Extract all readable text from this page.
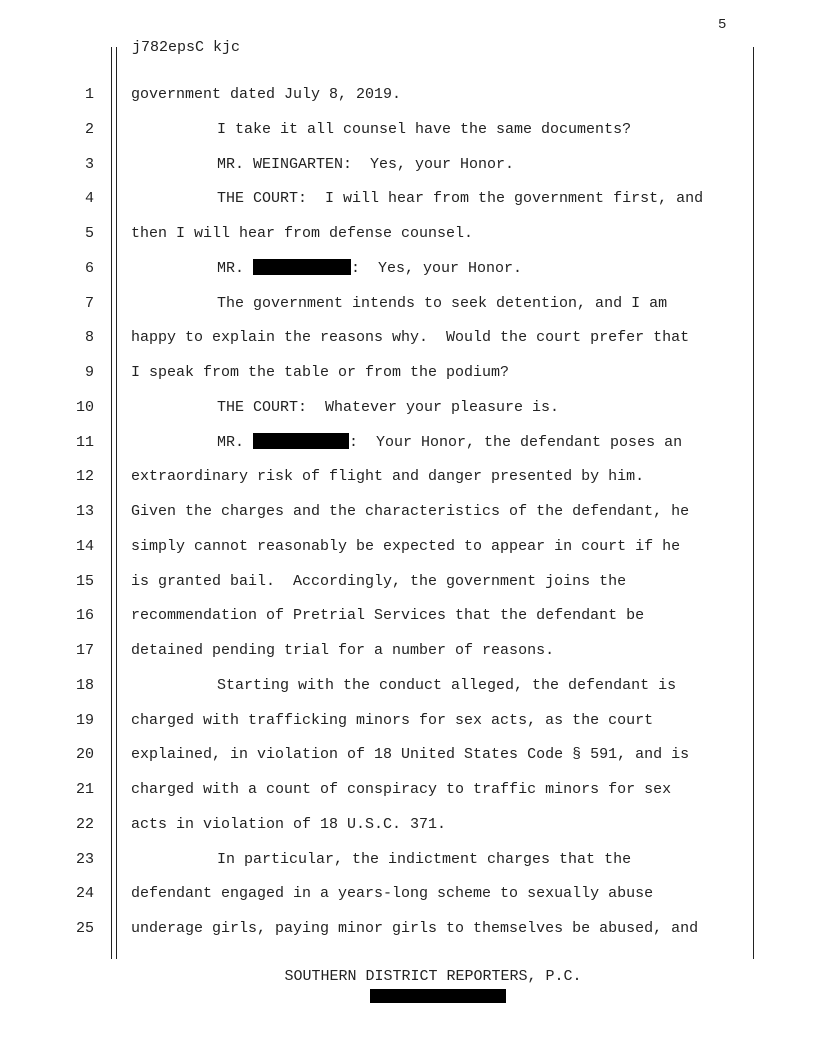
5
j782epsC kjc
1 government dated July 8, 2019.
2	I take it all counsel have the same documents?
3	MR. WEINGARTEN:  Yes, your Honor.
4	THE COURT:  I will hear from the government first, and
5 then I will hear from defense counsel.
6	MR.	:  Yes, your Honor.
7	The government intends to seek detention, and I am
8 happy to explain the reasons why.  Would the court prefer that
9 I speak from the table or from the podium?
10	THE COURT:  Whatever your pleasure is.
11	MR.	:  Your Honor, the defendant poses an
12 extraordinary risk of flight and danger presented by him.
13 Given the charges and the characteristics of the defendant, he
14 simply cannot reasonably be expected to appear in court if he
15 is granted bail.  Accordingly, the government joins the
16 recommendation of Pretrial Services that the defendant be
17 detained pending trial for a number of reasons.
18	Starting with the conduct alleged, the defendant is
19 charged with trafficking minors for sex acts, as the court
20 explained, in violation of 18 United States Code § 591, and is
21 charged with a count of conspiracy to traffic minors for sex
22 acts in violation of 18 U.S.C. 371.
23	In particular, the indictment charges that the
24 defendant engaged in a years-long scheme to sexually abuse
25 underage girls, paying minor girls to themselves be abused, and
SOUTHERN DISTRICT REPORTERS, P.C.
